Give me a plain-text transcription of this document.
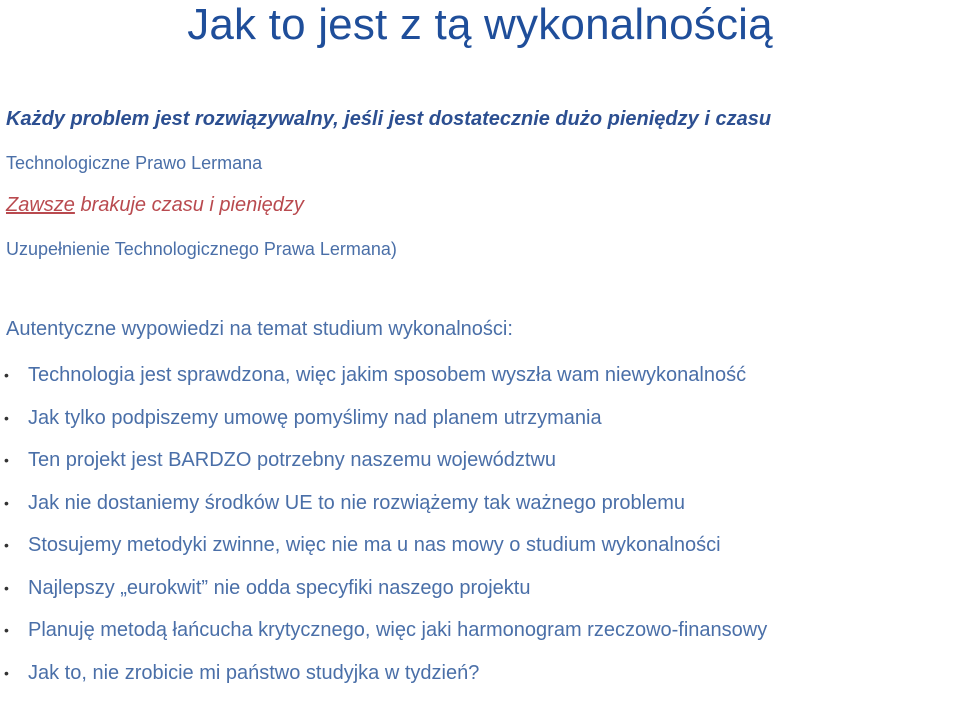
Jak to jest z tą wykonalnością
Każdy problem jest rozwiązywalny, jeśli jest dostatecznie dużo pieniędzy i czasu
Technologiczne Prawo Lermana
Zawsze brakuje czasu i pieniędzy
Uzupełnienie Technologicznego Prawa Lermana)
Autentyczne wypowiedzi na temat studium wykonalności:
• Technologia jest sprawdzona, więc jakim sposobem wyszła wam niewykonalność
• Jak tylko podpiszemy umowę pomyślimy nad planem utrzymania
• Ten projekt jest BARDZO potrzebny naszemu województwu
• Jak nie dostaniemy środków UE to nie rozwiążemy tak ważnego problemu
• Stosujemy metodyki zwinne, więc nie ma u nas mowy o studium wykonalności
• Najlepszy „eurokwit” nie odda specyfiki naszego projektu
• Planuję metodą łańcucha krytycznego, więc jaki harmonogram rzeczowo-finansowy
• Jak to, nie zrobicie mi państwo studyjka w tydzień?
